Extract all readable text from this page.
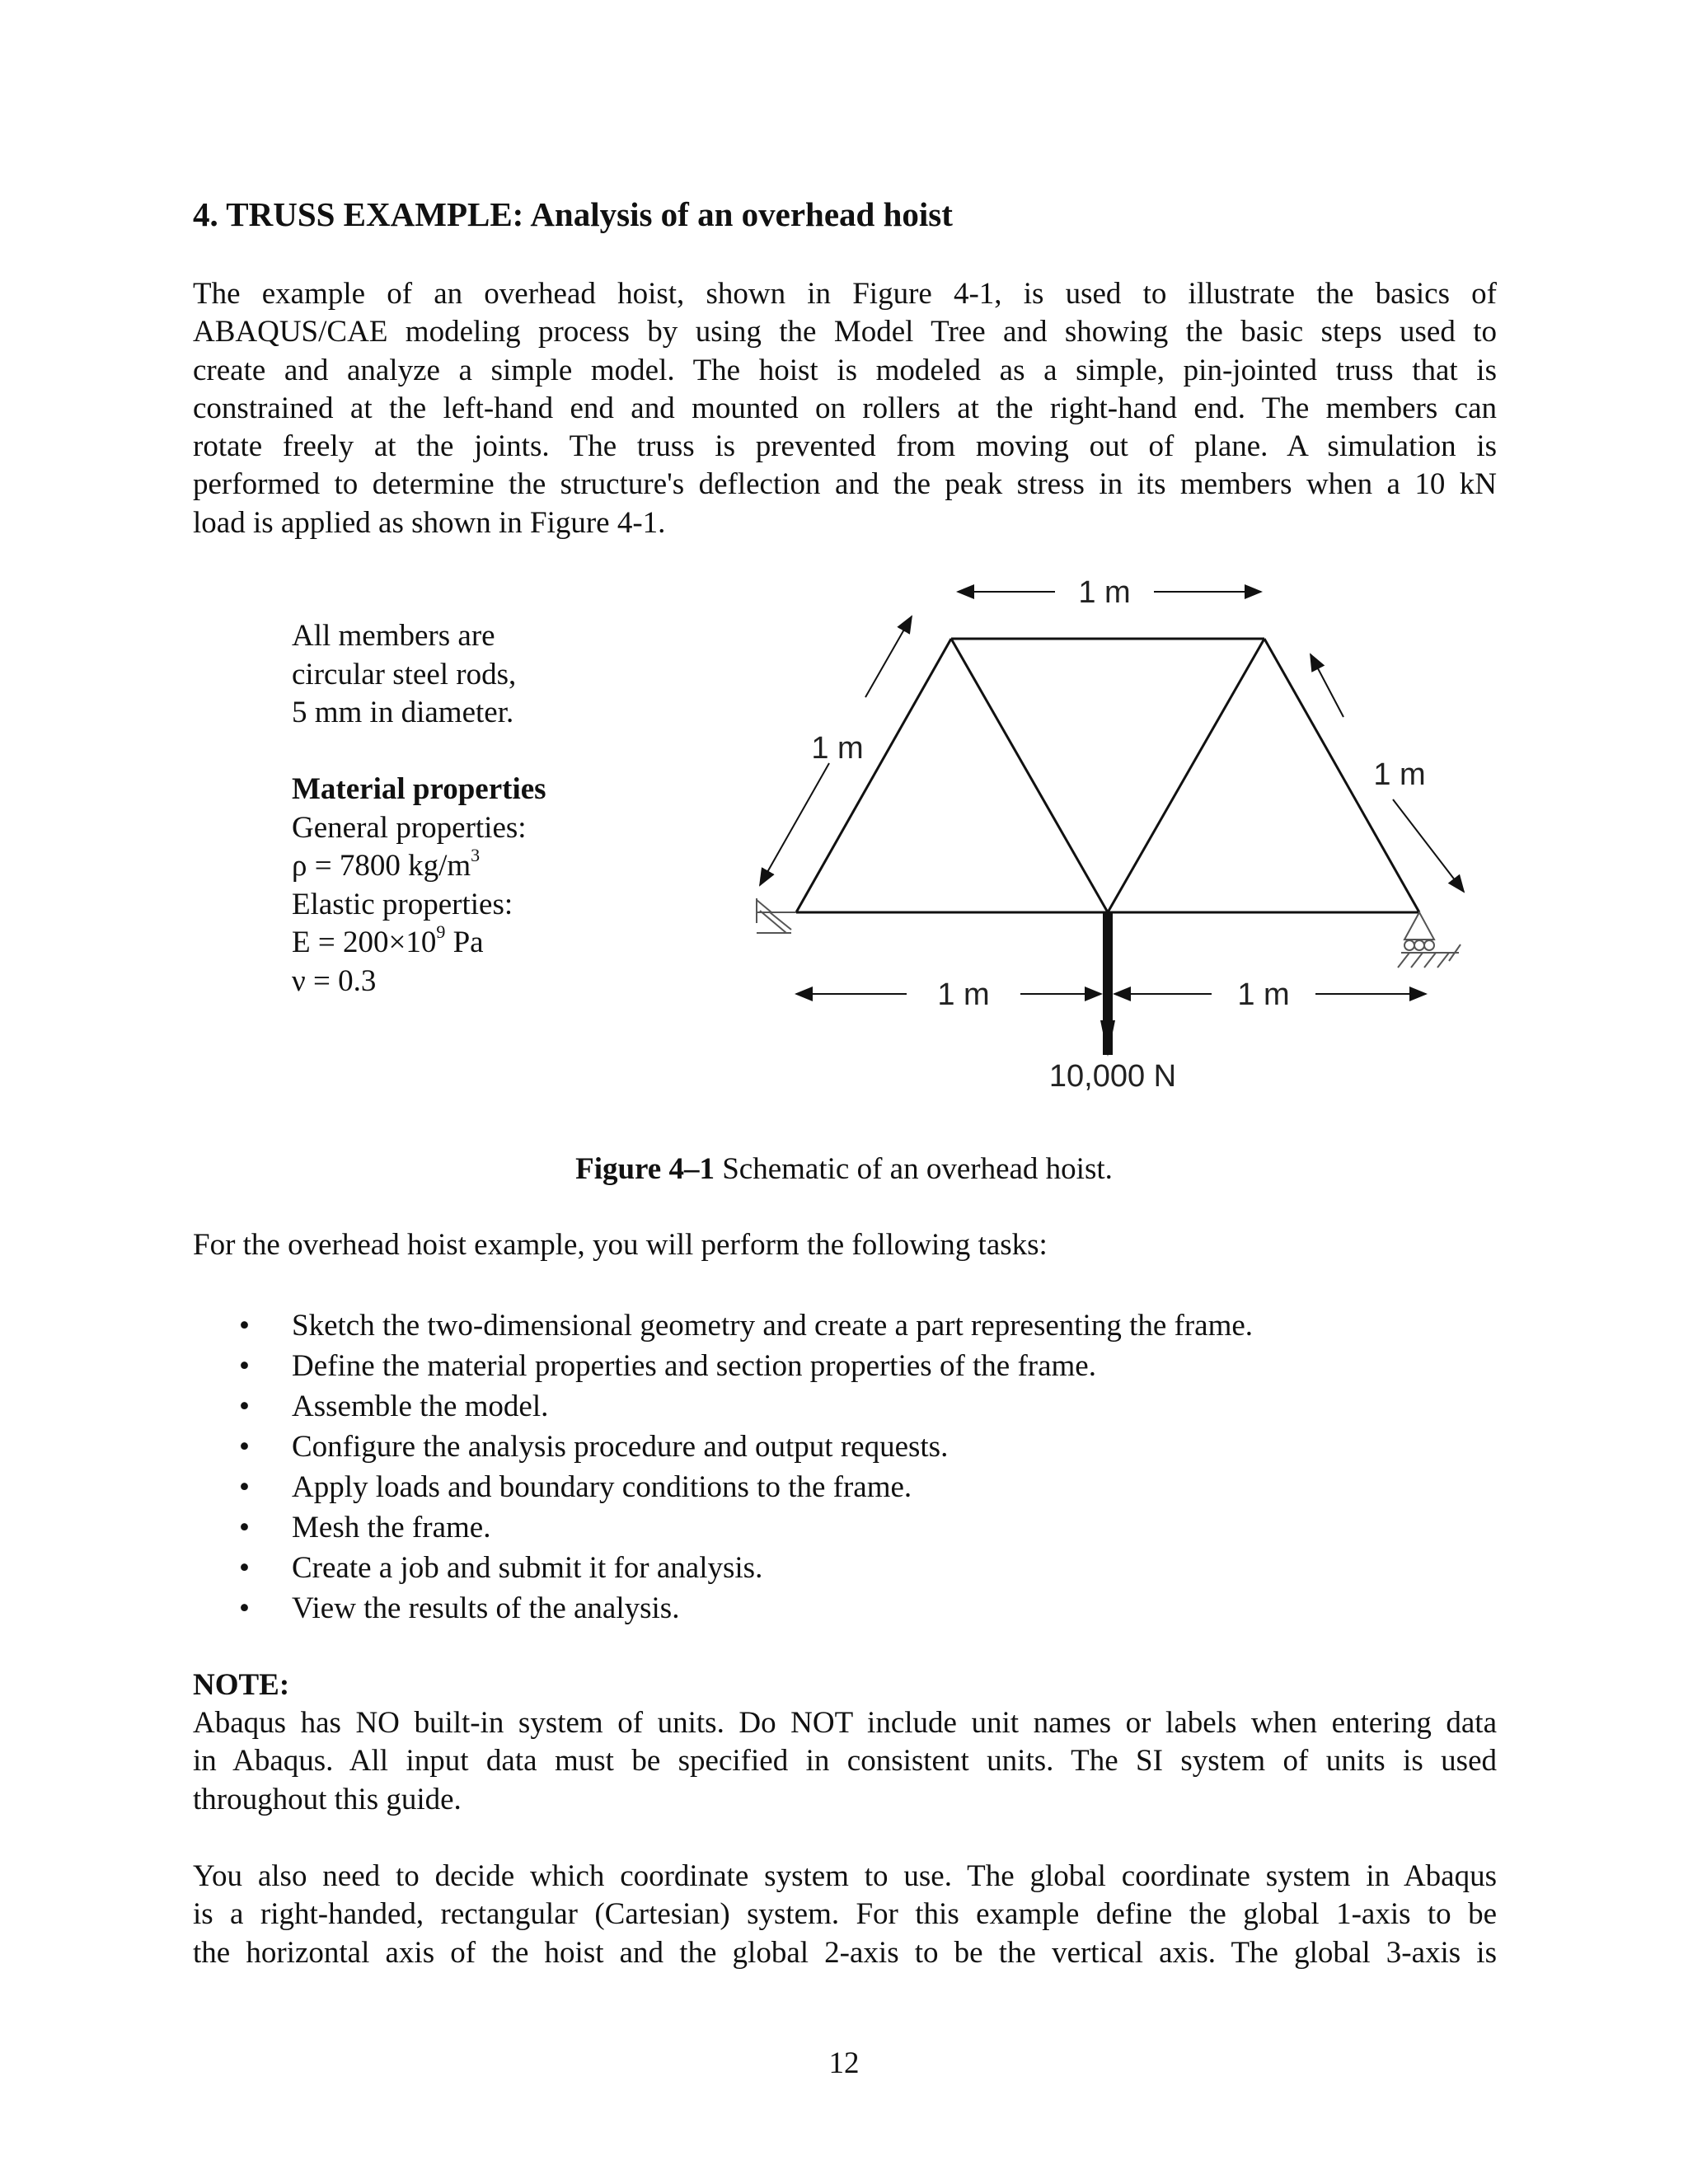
4. TRUSS EXAMPLE: Analysis of an overhead hoist

The example of an overhead hoist, shown in Figure 4-1, is used to illustrate the basics of
ABAQUS/CAE modeling process by using the Model Tree and showing the basic steps used to
create and analyze a simple model. The hoist is modeled as a simple, pin-jointed truss that is
constrained at the left-hand end and mounted on rollers at the right-hand end. The members can
rotate freely at the joints. The truss is prevented from moving out of plane. A simulation is
performed to determine the structure's deflection and the peak stress in its members when a 10 kN
load is applied as shown in Figure 4-1.

All members are
circular steel rods,
5 mm in diameter.
Material properties
General properties:
ρ = 7800 $kg/m^3$
Elastic properties:
$E = 200\times 10^9$ Pa
ν = 0.3
1 m
1 m
1 m
1 m	1 m
10,000 N

Figure 4–1 Schematic of an overhead hoist.

For the overhead hoist example, you will perform the following tasks:

• Sketch the two-dimensional geometry and create a part representing the frame.
• Define the material properties and section properties of the frame.
• Assemble the model.
• Configure the analysis procedure and output requests.
• Apply loads and boundary conditions to the frame.
• Mesh the frame.
• Create a job and submit it for analysis.
• View the results of the analysis.

NOTE:

Abaqus has NO built-in system of units. Do NOT include unit names or labels when entering data
in Abaqus. All input data must be specified in consistent units. The SI system of units is used
throughout this guide.

You also need to decide which coordinate system to use. The global coordinate system in Abaqus
is a right-handed, rectangular (Cartesian) system. For this example define the global 1-axis to be
the horizontal axis of the hoist and the global 2-axis to be the vertical axis. The global 3-axis is

12
